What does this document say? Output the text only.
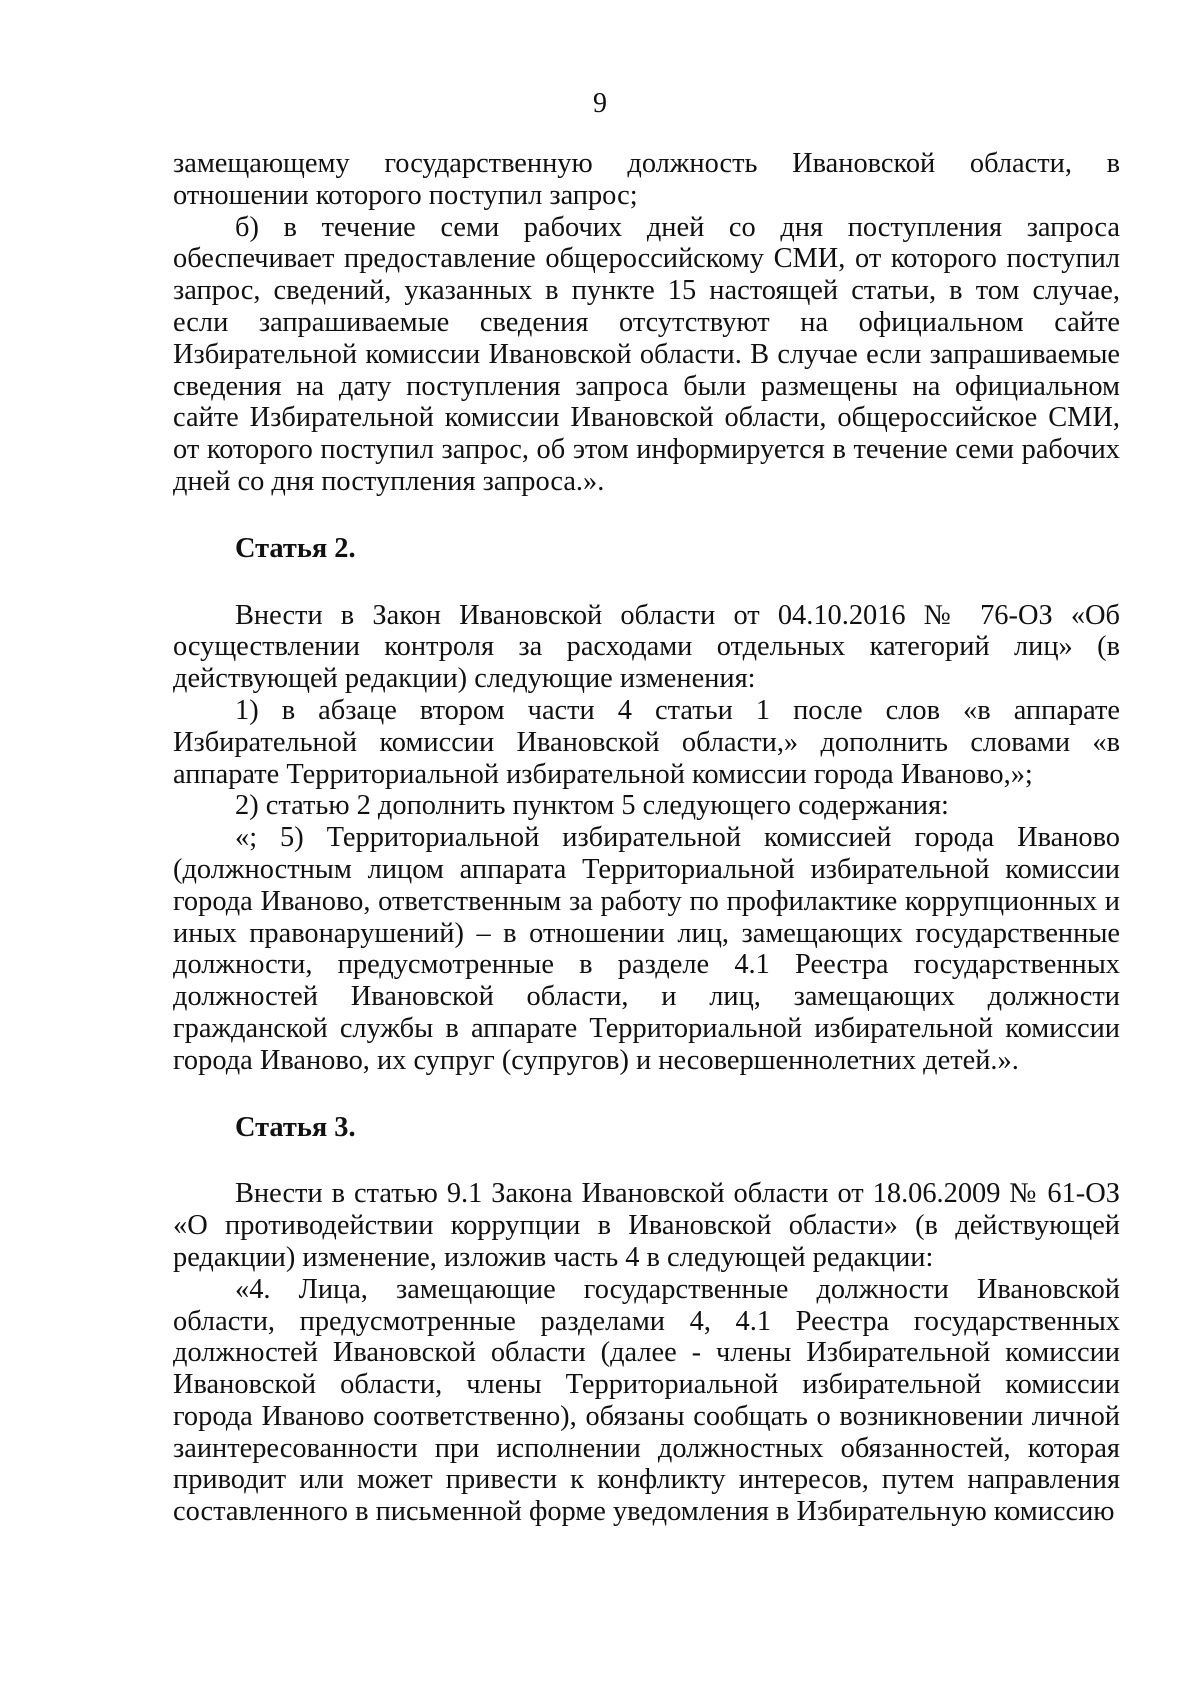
9

замещающему государственную должность Ивановской области, в отношении которого поступил запрос;

б) в течение семи рабочих дней со дня поступления запроса обеспечивает предоставление общероссийскому СМИ, от которого поступил запрос, сведений, указанных в пункте 15 настоящей статьи, в том случае, если запрашиваемые сведения отсутствуют на официальном сайте Избирательной комиссии Ивановской области. В случае если запрашиваемые сведения на дату поступления запроса были размещены на официальном сайте Избирательной комиссии Ивановской области, общероссийское СМИ, от которого поступил запрос, об этом информируется в течение семи рабочих дней со дня поступления запроса.».

Статья 2.

Внести в Закон Ивановской области от 04.10.2016 № 76-ОЗ «Об осуществлении контроля за расходами отдельных категорий лиц» (в действующей редакции) следующие изменения:

1) в абзаце втором части 4 статьи 1 после слов «в аппарате Избирательной комиссии Ивановской области,» дополнить словами «в аппарате Территориальной избирательной комиссии города Иваново,»;

2) статью 2 дополнить пунктом 5 следующего содержания:

«; 5) Территориальной избирательной комиссией города Иваново (должностным лицом аппарата Территориальной избирательной комиссии города Иваново, ответственным за работу по профилактике коррупционных и иных правонарушений) – в отношении лиц, замещающих государственные должности, предусмотренные в разделе 4.1 Реестра государственных должностей Ивановской области, и лиц, замещающих должности гражданской службы в аппарате Территориальной избирательной комиссии города Иваново, их супруг (супругов) и несовершеннолетних детей.».

Статья 3.

Внести в статью 9.1 Закона Ивановской области от 18.06.2009 № 61-ОЗ «О противодействии коррупции в Ивановской области» (в действующей редакции) изменение, изложив часть 4 в следующей редакции:

«4. Лица, замещающие государственные должности Ивановской области, предусмотренные разделами 4, 4.1 Реестра государственных должностей Ивановской области (далее - члены Избирательной комиссии Ивановской области, члены Территориальной избирательной комиссии города Иваново соответственно), обязаны сообщать о возникновении личной заинтересованности при исполнении должностных обязанностей, которая приводит или может привести к конфликту интересов, путем направления составленного в письменной форме уведомления в Избирательную комиссию
